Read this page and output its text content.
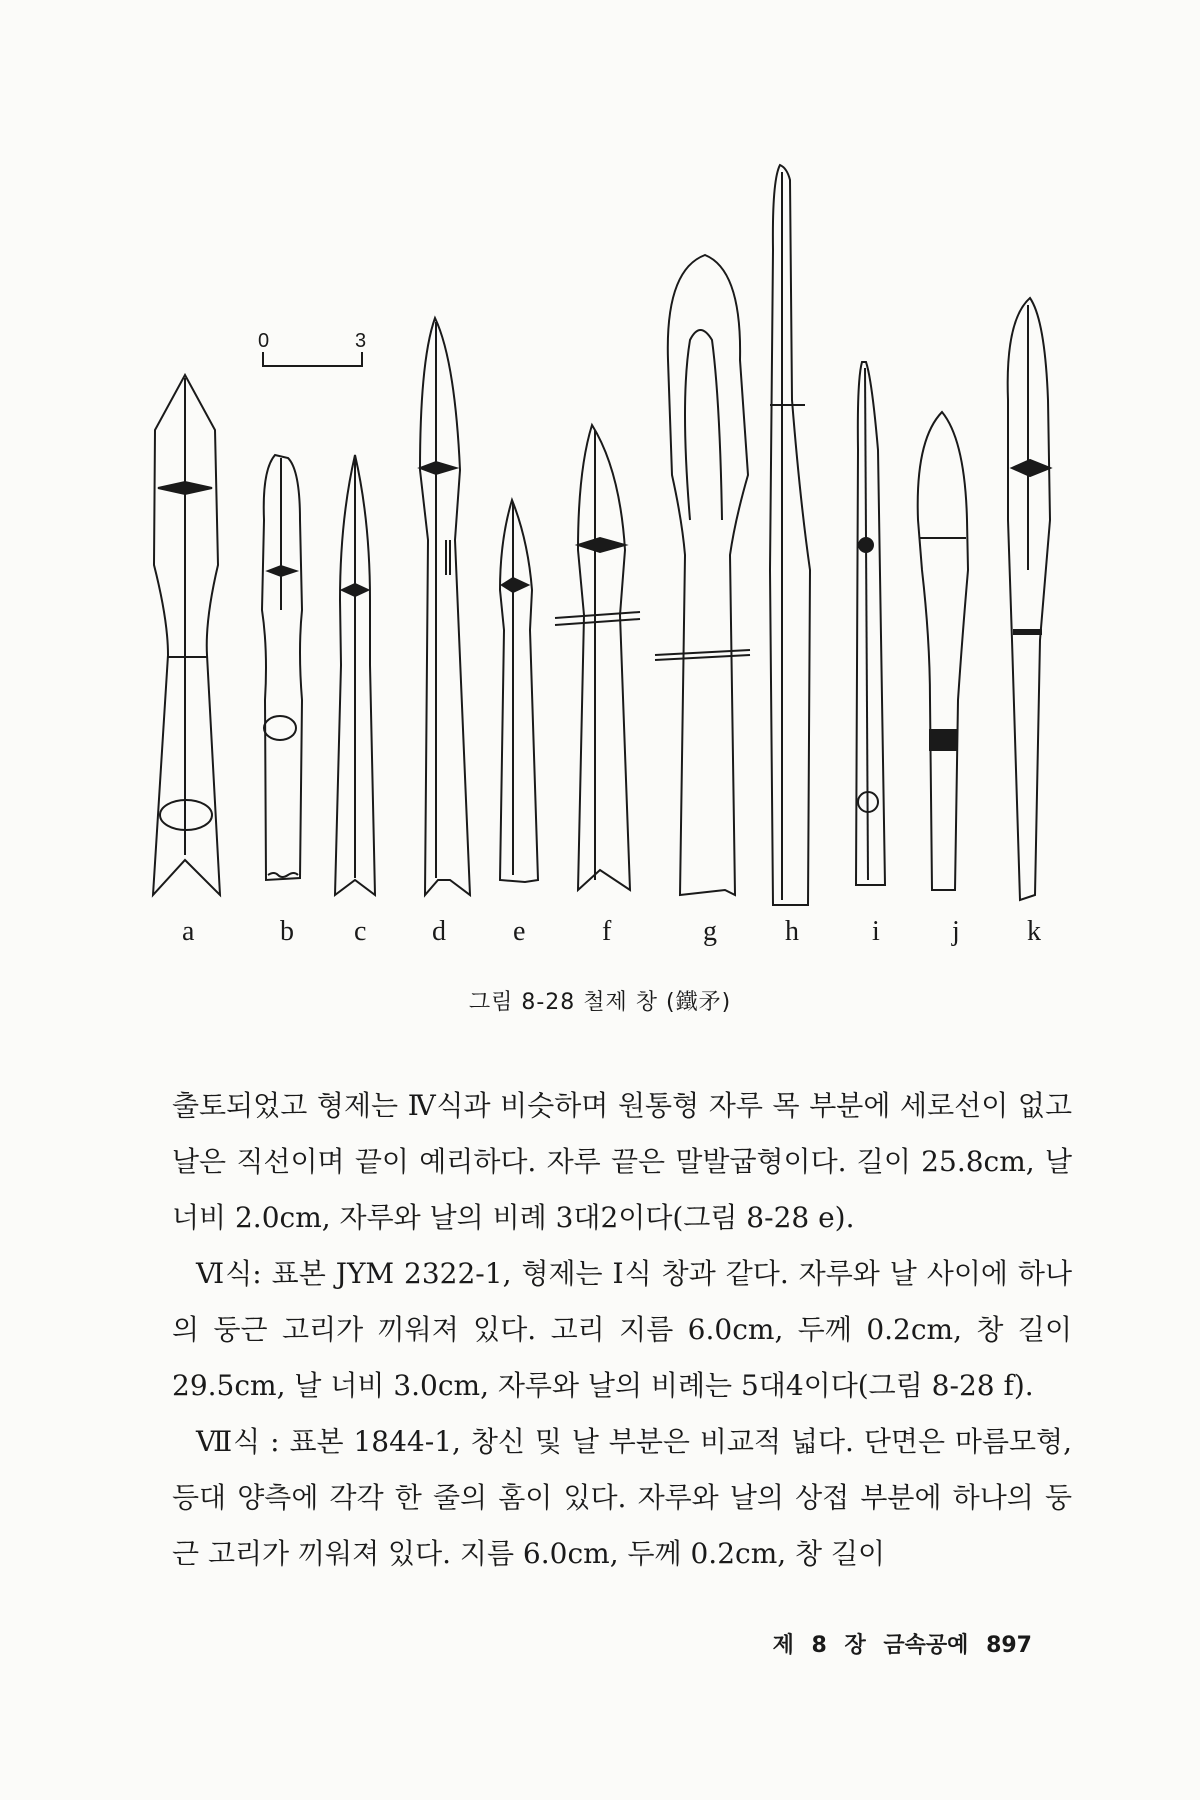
0	3
a	b c d e	f	g h	i	j k
그림 8-28 철제 창 (鐵矛)

출토되었고 형제는 Ⅳ식과 비슷하며 원통형 자루 목 부분에 세로선이 없고 날은 직선이며 끝이 예리하다. 자루 끝은 말발굽형이다. 길이 25.8cm, 날 너비 2.0cm, 자루와 날의 비례 3대2이다(그림 8-28 e).

Ⅵ식: 표본 JYM 2322-1, 형제는 Ⅰ식 창과 같다. 자루와 날 사이에 하나의 둥근 고리가 끼워져 있다. 고리 지름 6.0cm, 두께 0.2cm, 창 길이 29.5cm, 날 너비 3.0cm, 자루와 날의 비례는 5대4이다(그림 8-28 f).

Ⅶ식 : 표본 1844-1, 창신 및 날 부분은 비교적 넓다. 단면은 마름모형, 등대 양측에 각각 한 줄의 홈이 있다. 자루와 날의 상접 부분에 하나의 둥근 고리가 끼워져 있다. 지름 6.0cm, 두께 0.2cm, 창 길이

제 8 장 금속공예 897
